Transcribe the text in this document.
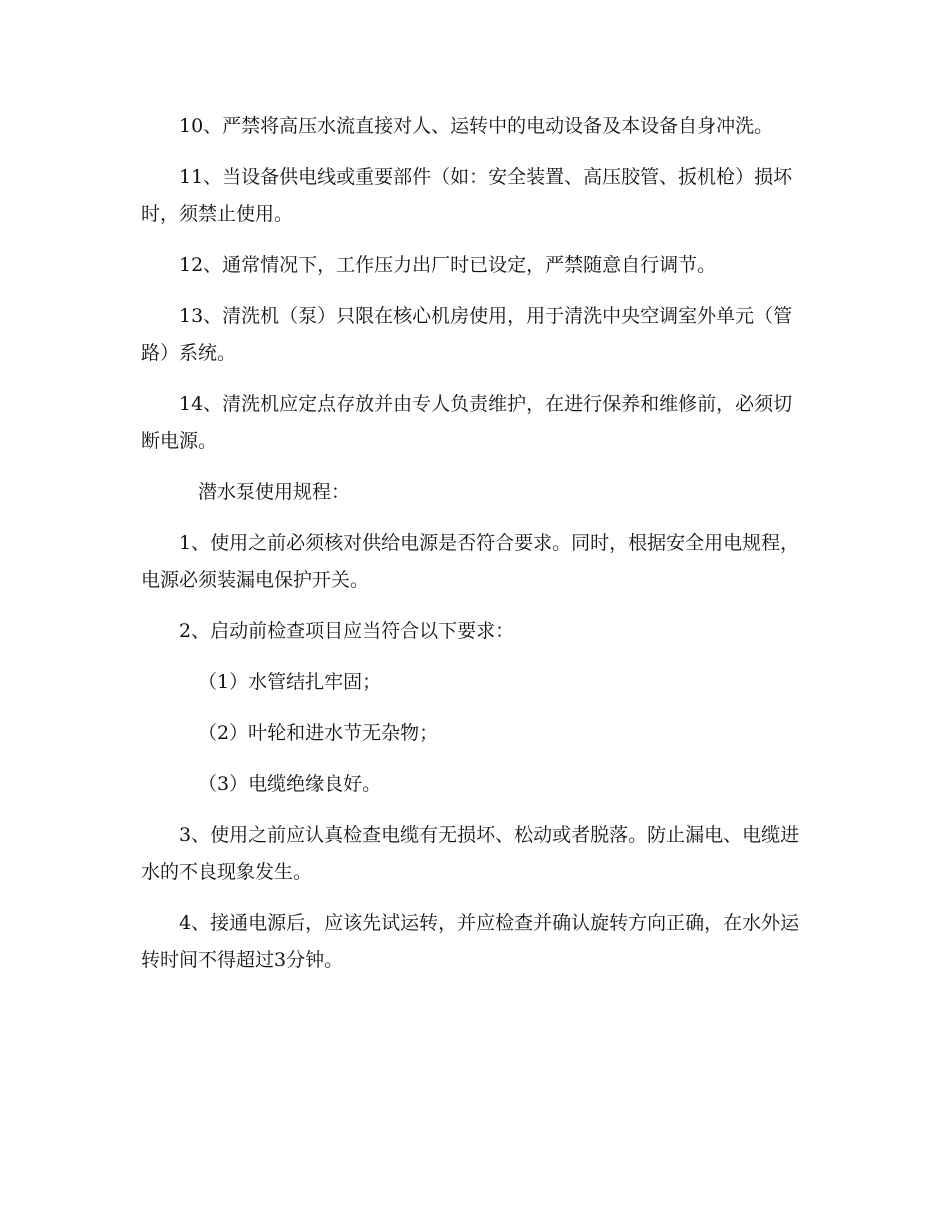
10、严禁将高压水流直接对人、运转中的电动设备及本设备自身冲洗。

11、当设备供电线或重要部件（如：安全装置、高压胶管、扳机枪）损坏时，须禁止使用。

12、通常情况下，工作压力出厂时已设定，严禁随意自行调节。

13、清洗机（泵）只限在核心机房使用，用于清洗中央空调室外单元（管路）系统。

14、清洗机应定点存放并由专人负责维护，在进行保养和维修前，必须切断电源。

潜水泵使用规程：

1、使用之前必须核对供给电源是否符合要求。同时，根据安全用电规程，电源必须装漏电保护开关。

2、启动前检查项目应当符合以下要求：

（1）水管结扎牢固；

（2）叶轮和进水节无杂物；

（3）电缆绝缘良好。

3、使用之前应认真检查电缆有无损坏、松动或者脱落。防止漏电、电缆进水的不良现象发生。

4、接通电源后，应该先试运转，并应检查并确认旋转方向正确，在水外运转时间不得超过3分钟。
